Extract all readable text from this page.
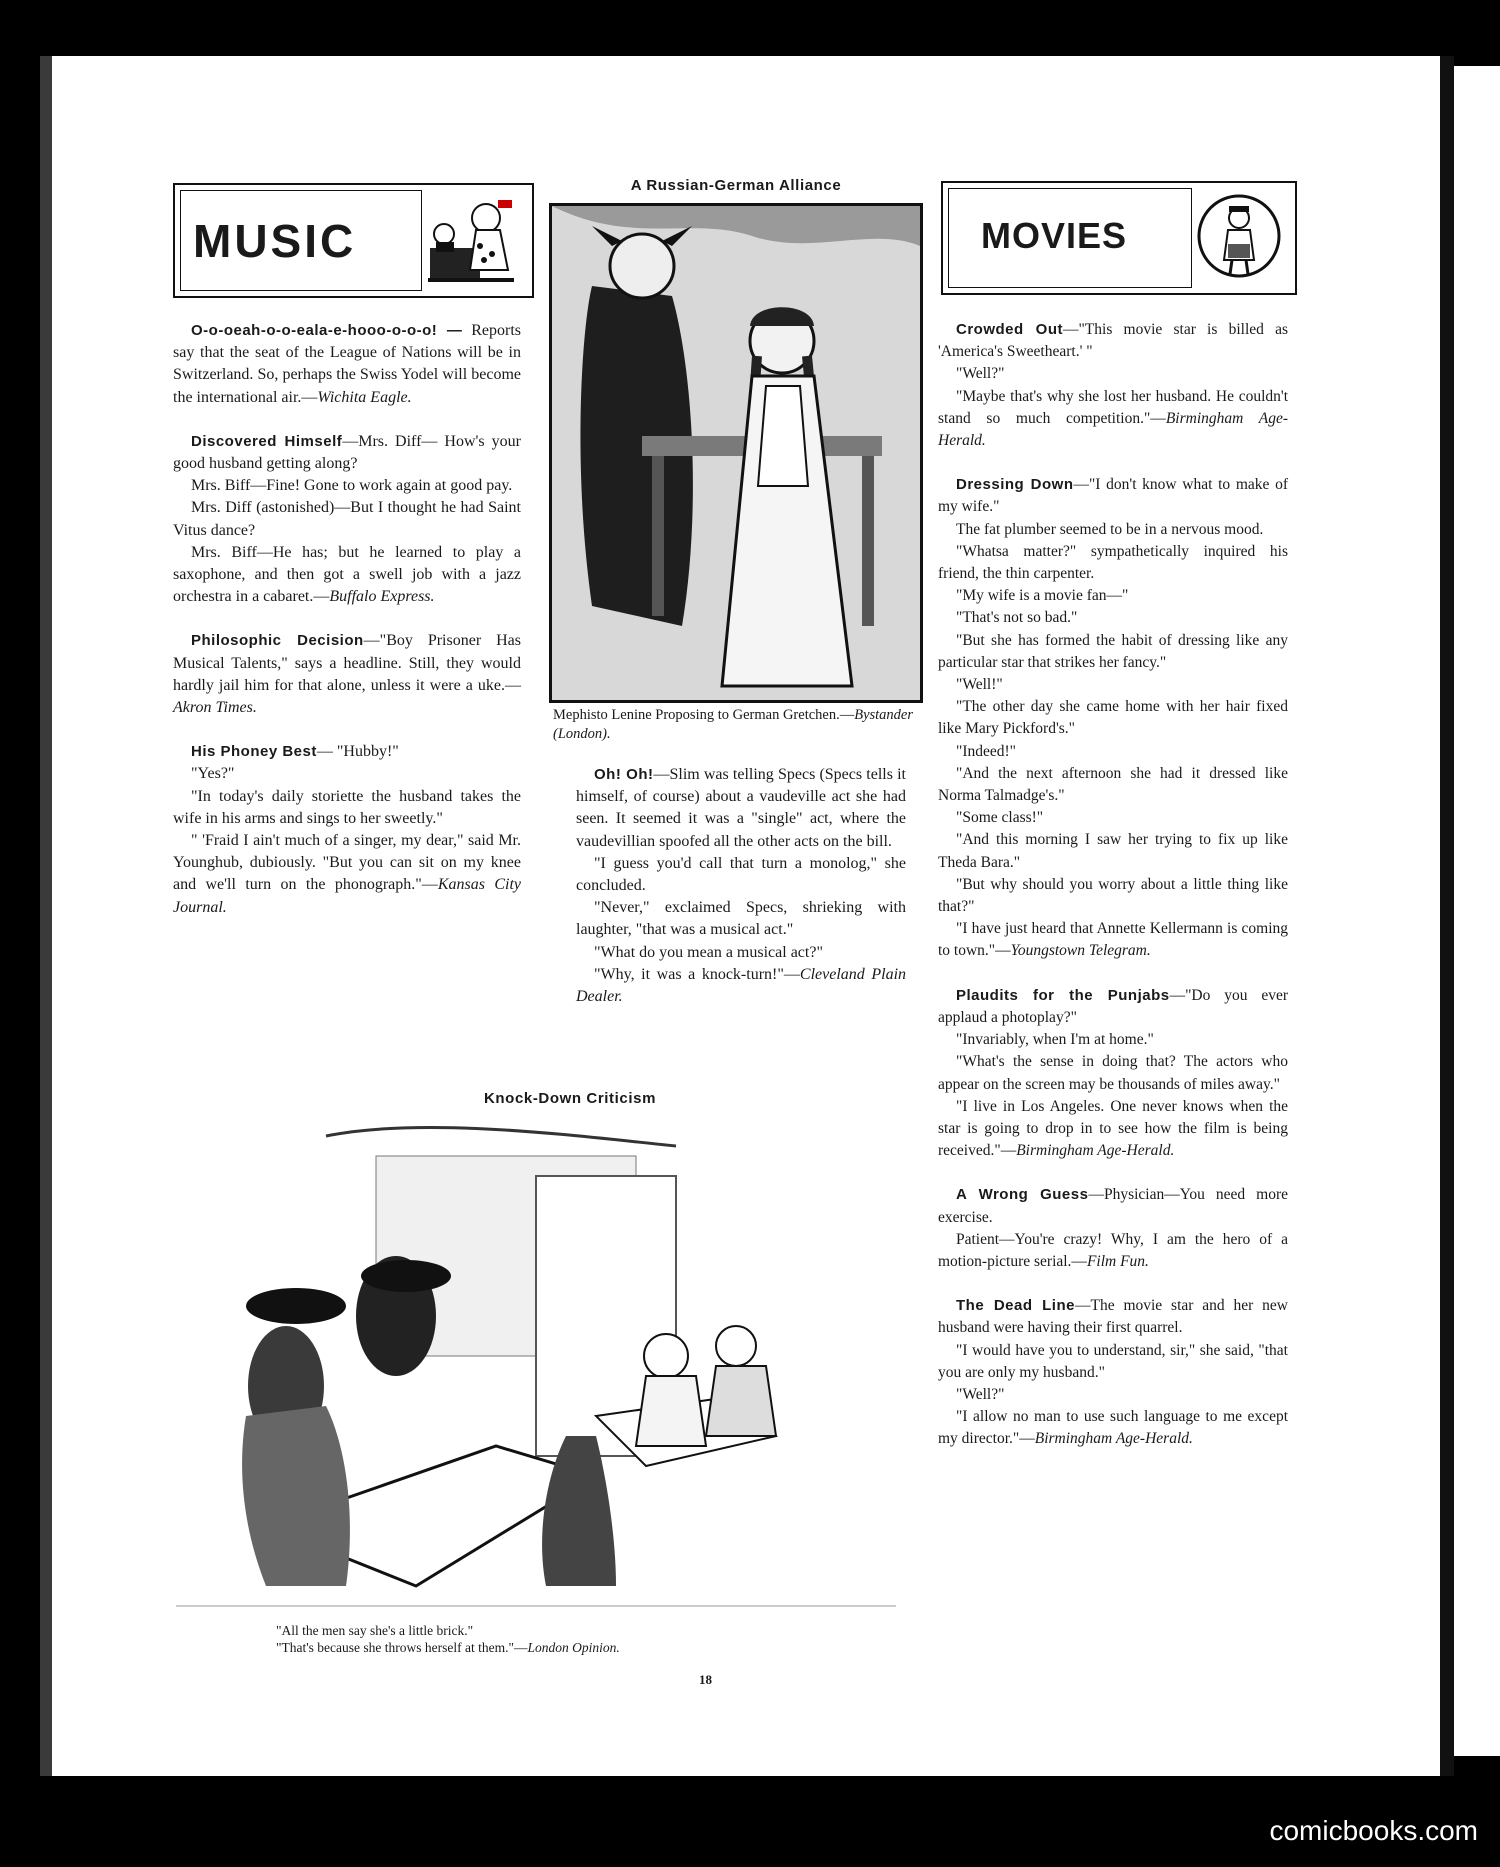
MUSIC	MOVIES

O-o-oeah-o-o-eala-e-hooo-o-o-o! — Reports say that the seat of the League of Nations will be in Switzerland. So, perhaps the Swiss Yodel will become the international air.—Wichita Eagle.

Discovered Himself—Mrs. Diff— How's your good husband getting along?

Mrs. Biff—Fine! Gone to work again at good pay.

Mrs. Diff (astonished)—But I thought he had Saint Vitus dance?

Mrs. Biff—He has; but he learned to play a saxophone, and then got a swell job with a jazz orchestra in a cabaret.—Buffalo Express.

Philosophic Decision—"Boy Prisoner Has Musical Talents," says a headline. Still, they would hardly jail him for that alone, unless it were a uke.—Akron Times.

His Phoney Best— "Hubby!"

"Yes?"

"In today's daily storiette the husband takes the wife in his arms and sings to her sweetly."

" 'Fraid I ain't much of a singer, my dear," said Mr. Younghub, dubiously. "But you can sit on my knee and we'll turn on the phonograph."—Kansas City Journal.

A Russian-German Alliance
Mephisto Lenine Proposing to German Gretchen.—Bystander (London).

Oh! Oh!—Slim was telling Specs (Specs tells it himself, of course) about a vaudeville act she had seen. It seemed it was a "single" act, where the vaudevillian spoofed all the other acts on the bill.

"I guess you'd call that turn a monolog," she concluded.

"Never," exclaimed Specs, shrieking with laughter, "that was a musical act."

"What do you mean a musical act?"

"Why, it was a knock-turn!"—Cleveland Plain Dealer.

Knock-Down Criticism
"All the men say she's a little brick."
"That's because she throws herself at them."—London Opinion.

Crowded Out—"This movie star is billed as 'America's Sweetheart.' "

"Well?"

"Maybe that's why she lost her husband. He couldn't stand so much competition."—Birmingham Age-Herald.

Dressing Down—"I don't know what to make of my wife."

The fat plumber seemed to be in a nervous mood.

"Whatsa matter?" sympathetically inquired his friend, the thin carpenter.

"My wife is a movie fan—"

"That's not so bad."

"But she has formed the habit of dressing like any particular star that strikes her fancy."

"Well!"

"The other day she came home with her hair fixed like Mary Pickford's."

"Indeed!"

"And the next afternoon she had it dressed like Norma Talmadge's."

"Some class!"

"And this morning I saw her trying to fix up like Theda Bara."

"But why should you worry about a little thing like that?"

"I have just heard that Annette Kellermann is coming to town."—Youngstown Telegram.

Plaudits for the Punjabs—"Do you ever applaud a photoplay?"

"Invariably, when I'm at home."

"What's the sense in doing that? The actors who appear on the screen may be thousands of miles away."

"I live in Los Angeles. One never knows when the star is going to drop in to see how the film is being received."—Birmingham Age-Herald.

A Wrong Guess—Physician—You need more exercise.

Patient—You're crazy! Why, I am the hero of a motion-picture serial.—Film Fun.

The Dead Line—The movie star and her new husband were having their first quarrel.

"I would have you to understand, sir," she said, "that you are only my husband."

"Well?"

"I allow no man to use such language to me except my director."—Birmingham Age-Herald.

18
comicbooks.com
